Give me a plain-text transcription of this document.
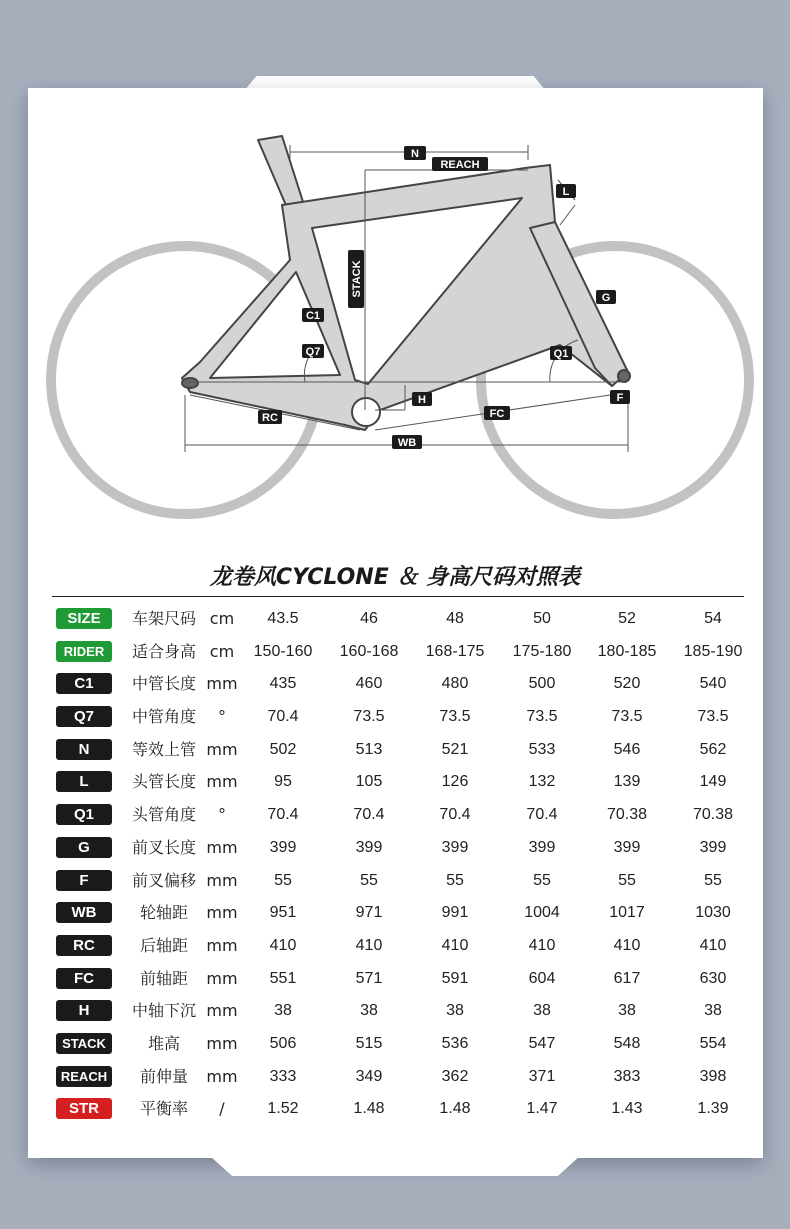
N
REACH
L
STACK
C1
Q7
G
Q1
H	F
RC	FC
WB
龙卷风CYCLONE ＆ 身高尺码对照表
SIZE	车架尺码 cm	43.5	46	48	50	52	54
RIDER	适合身高 cm	150-160	160-168	168-175	175-180	180-185	185-190
C1	中管长度 mm	435	460	480	500	520	540
Q7	中管角度	°	70.4	73.5	73.5	73.5	73.5	73.5
N	等效上管 mm	502	513	521	533	546	562
L	头管长度 mm	95	105	126	132	139	149
Q1	头管角度	°	70.4	70.4	70.4	70.4	70.38	70.38
G	前叉长度 mm	399	399	399	399	399	399
F	前叉偏移 mm	55	55	55	55	55	55
WB	轮轴距	mm	951	971	991	1004	1017	1030
RC	后轴距	mm	410	410	410	410	410	410
FC	前轴距	mm	551	571	591	604	617	630
H	中轴下沉 mm	38	38	38	38	38	38
STACK	堆高	mm	506	515	536	547	548	554
REACH	前伸量	mm	333	349	362	371	383	398
STR	平衡率	/	1.52	1.48	1.48	1.47	1.43	1.39
